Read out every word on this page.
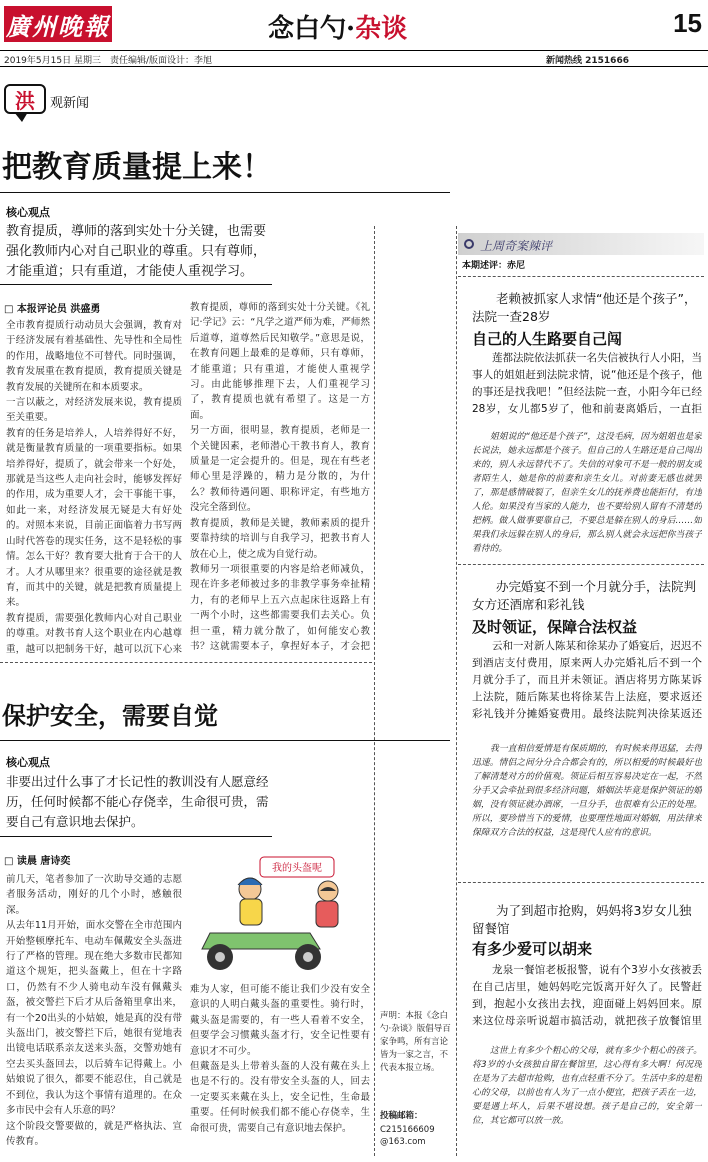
廣州晚報	念白勺·杂谈	15
2019年5月15日 星期三 责任编辑/版面设计：李旭	新闻热线 2151666
洪 观新闻
把教育质量提上来！
核心观点
教育提质，導师的落到实处十分关键，也需要强化教师内心对自己职业的尊重。只有尊师，才能重道；只有重道，才能使人重视学习。
□ 本报评论员 洪盛勇
全市教育提质行动动员大会强调，教育对于经济发展有着基础性、先导性和全局性的作用，战略地位不可替代。同时强调，教育发展重在教育提质，教育提质关键是教育发展的关键所在和本质要求。
一言以蔽之，对经济发展来说，教育提质至关重要。
教育的任务是培养人，人培养得好不好，就是衡量教育质量的一项重要指标。如果培养得好，提质了，就会带来一个好处，那就是当这些人走向社会时，能够发挥好的作用，成为重要人才，会干事能干事，如此一来，对经济发展无疑是大有好处的。对照本来说，目前正面临着力书写两山时代答卷的现实任务，这不是轻松的事情。怎么干好？教育要大批育于合干的人才。人才从哪里来？很重要的途径就是教育，而其中的关键，就是把教育质量提上来。
教育提质，需要强化教师内心对自己职业的尊重。对教书育人这个职业在内心越尊重，越可以把制务干好，越可以沉下心来
教育提质，尊师的落到实处十分关键。《礼记·学记》云：“凡学之道严师为难，严师然后道尊，道尊然后民知敬学。”意思是说，在教育问题上最难的是尊师，只有尊师，才能重道；只有重道，才能使人重视学习。由此能够推理下去，人们重视学习了，教育提质也就有希望了。这是一方面。
另一方面，很明显，教育提质，老师是一个关键因素，老师潜心干教书育人，教育质量是一定会提升的。但是，现在有些老师心里是浮躁的，精力是分散的，为什么？教师待遇问题、职称评定，有些地方没完全落到位。
教育提质，教师是关键，教师素质的提升要靠持续的培训与自我学习，把教书育人放在心上，使之成为自觉行动。
教师另一项很重要的内容是给老师减负，现在许多老师被过多的非教学事务牵扯精力，有的老师早上五六点起床往返路上有一两个小时，这些都需要我们去关心。负担一重，精力就分散了，如何能安心教书？这就需要本子，拿捏好本子，才会把
保护安全，需要自觉
核心观点
非要出过什么事了才长记性的教训没有人愿意经历，任何时候都不能心存侥幸，生命很可贵，需要自己有意识地去保护。
□ 读晨 唐诗奕
前几天，笔者参加了一次助导交通的志愿者服务活动，刚好的几个小时，感触很深。
从去年11月开始，面水交警在全市范围内开始整顿摩托车、电动车佩戴安全头盔进行了严格的管理。现在绝大多数市民都知道这个规矩，把头盔戴上，但在十字路口，仍然有不少人骑电动车没有佩戴头盔，被交警拦下后才从后备箱里拿出来，有一个20出头的小姑娘，她是真的没有带头盔出门，被交警拦下后，她很有觉地表出镜电话联系亲友送来头盔，交警劝她有空去买头盔回去，以后骑车记得戴上。小姑娘说了很久，都要不能忍住，自己就是不到位，我认为这个事情有道理的。在众多市民中会有人乐意的吗？
这个阶段交警要做的，就是严格执法、宣传教育。
我的头盔呢
难为人家，但可能不能让我们少没有安全意识的人明白戴头盔的重要性。骑行时，戴头盔是需要的，有一些人看着不安全，但要学会习惯戴头盔才行，安全记性要有意识才不可少。
但戴盔是头上带着头盔的人没有戴在头上也是不行的。没有带安全头盔的人，回去一定要买来戴在头上，安全记性，生命最重要。任何时候我们都不能心存侥幸，生命很可贵，需要自己有意识地去保护。
上周奇案辣评
本期述评：赤尼
老赖被抓家人求情“他还是个孩子”，法院一查28岁
自己的人生路要自己闯
莲都法院依法抓获一名失信被执行人小阳，当事人的姐姐赶到法院求情，说“他还是个孩子，他的事还是找我吧！”但经法院一查，小阳今年已经28岁，女儿都5岁了，他和前妻离婚后，一直拒
姐姐说的“他还是个孩子”，这没毛病，因为姐姐也是家长说法，她永远都是个孩子。但自己的人生路还是自己闯出来的，别人永远替代不了。失信的对象可不是一般的朋友或者陌生人，她是你的前妻和亲生女儿。对前妻无感也就罢了，那是感情破裂了，但亲生女儿的抚养费也能拒付，有违人伦。如果没有当家的人能力，也不要给别人留有不清楚的把柄。做人做事要靠自己，不要总是躲在别人的身后……如果我们永远躲在别人的身后，那么别人就会永远把你当孩子看待的。
办完婚宴不到一个月就分手，法院判女方还酒席和彩礼钱
及时领证，保障合法权益
云和一对新人陈某和徐某办了婚宴后，迟迟不到酒店支付费用，原来两人办完婚礼后不到一个月就分手了，而且并未领证。酒店将男方陈某诉上法院，随后陈某也将徐某告上法庭，要求返还彩礼钱并分摊婚宴费用。最终法院判决徐某返还
我一直相信爱情是有保质期的，有时候来得迅猛，去得迅速。情侣之间分分合合都会有的，所以相爱的时候最好也了解清楚对方的价值观。领证后相互容易决定在一起，不然分手又会牵扯到很多经济问题，婚姻法毕竟是保护领证的婚姻，没有领证就办酒席，一旦分手，也很难有公正的处理。所以，要珍惜当下的爱情，也要理性地面对婚姻，用法律来保障双方合法的权益，这是现代人应有的意识。
为了到超市抢购，妈妈将3岁女儿独留餐馆
有多少爱可以胡来
龙泉一餐馆老板报警，说有个3岁小女孩被丢在自己店里，她妈妈吃完饭离开好久了。民警赶到，抱起小女孩出去找，迎面碰上妈妈回来。原来这位母亲听说超市搞活动，就把孩子放餐馆里
这世上有多少个粗心的父母，就有多少个粗心的孩子。将3岁的小女孩独自留在餐馆里，这心得有多大啊！何况现在是为了去超市抢购，也有点轻重不分了。生活中多的是粗心的父母，以前也有人为了一点小便宜，把孩子丢在一边，要是遇上坏人，后果不堪设想。孩子是自己的，安全第一位，其它都可以放一放。
声明：本报《念白勺·杂谈》版倡导百家争鸣，所有言论皆为一家之言，不代表本报立场。
投稿邮箱：
C215166609
@163.com
